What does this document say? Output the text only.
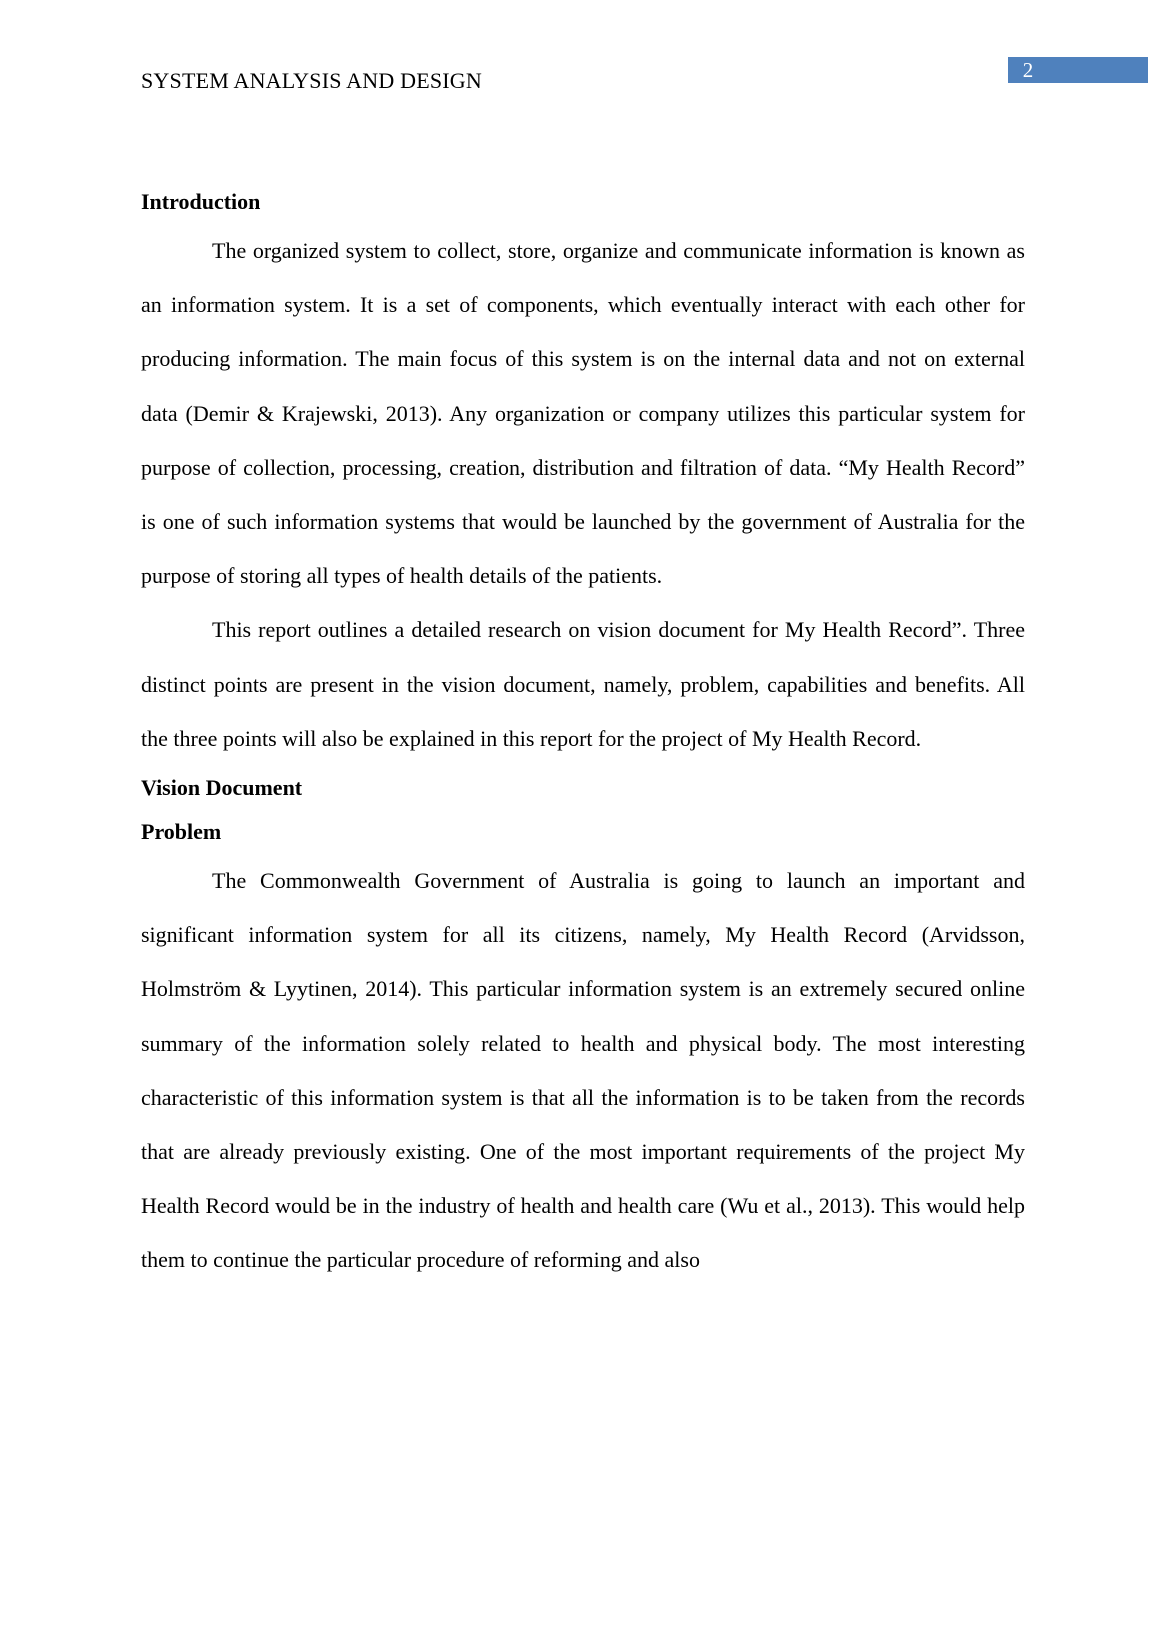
SYSTEM ANALYSIS AND DESIGN	2
Introduction

The organized system to collect, store, organize and communicate information is known as an information system. It is a set of components, which eventually interact with each other for producing information. The main focus of this system is on the internal data and not on external data (Demir & Krajewski, 2013). Any organization or company utilizes this particular system for purpose of collection, processing, creation, distribution and filtration of data. “My Health Record” is one of such information systems that would be launched by the government of Australia for the purpose of storing all types of health details of the patients.

This report outlines a detailed research on vision document for My Health Record”. Three distinct points are present in the vision document, namely, problem, capabilities and benefits. All the three points will also be explained in this report for the project of My Health Record.

Vision Document
Problem

The Commonwealth Government of Australia is going to launch an important and significant information system for all its citizens, namely, My Health Record (Arvidsson, Holmström & Lyytinen, 2014). This particular information system is an extremely secured online summary of the information solely related to health and physical body. The most interesting characteristic of this information system is that all the information is to be taken from the records that are already previously existing. One of the most important requirements of the project My Health Record would be in the industry of health and health care (Wu et al., 2013). This would help them to continue the particular procedure of reforming and also
